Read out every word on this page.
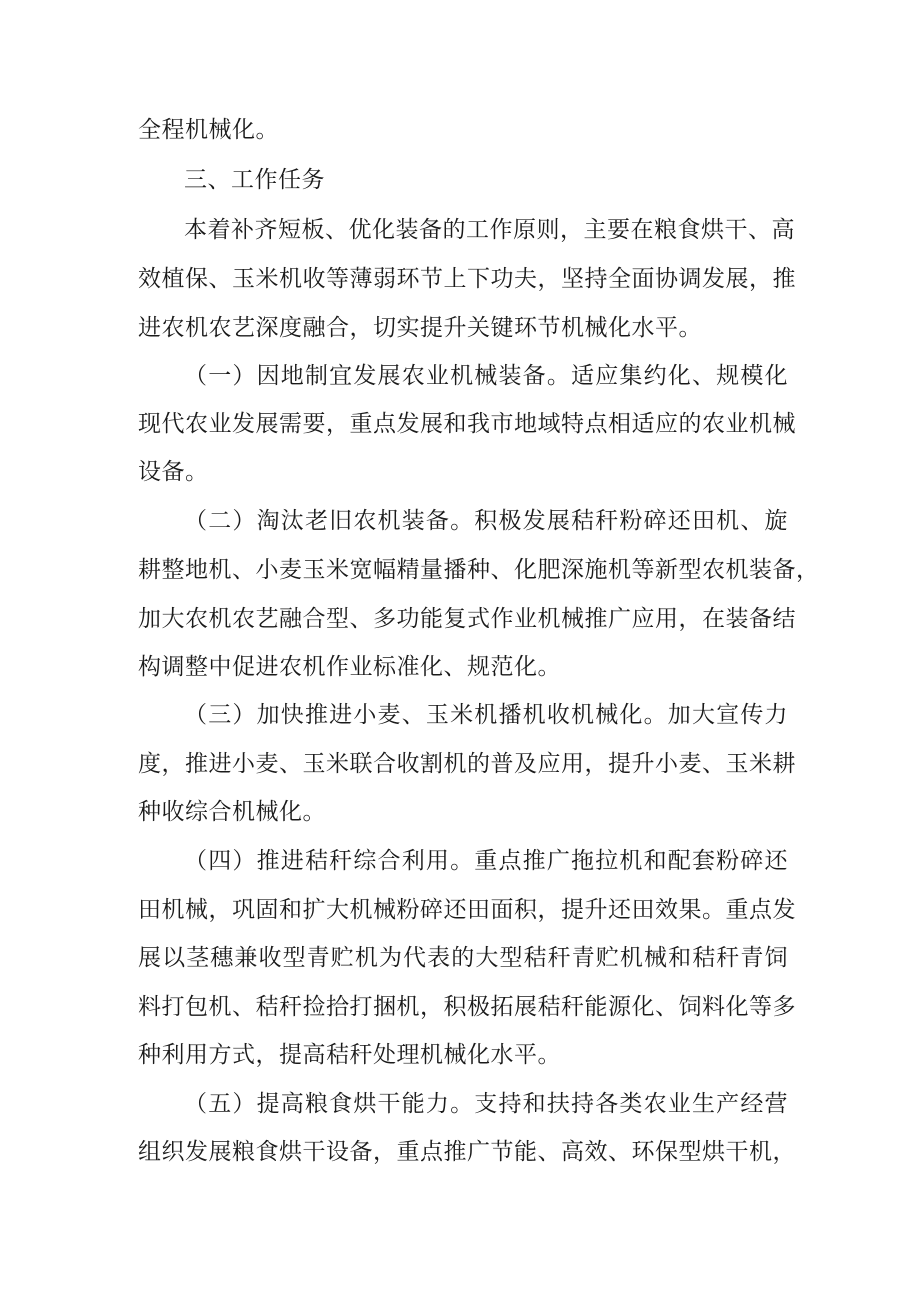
全程机械化。
三、工作任务
本着补齐短板、优化装备的工作原则，主要在粮食烘干、高
效植保、玉米机收等薄弱环节上下功夫，坚持全面协调发展，推
进农机农艺深度融合，切实提升关键环节机械化水平。
（一）因地制宜发展农业机械装备。适应集约化、规模化
现代农业发展需要，重点发展和我市地域特点相适应的农业机械
设备。
（二）淘汰老旧农机装备。积极发展秸秆粉碎还田机、旋
耕整地机、小麦玉米宽幅精量播种、化肥深施机等新型农机装备，
加大农机农艺融合型、多功能复式作业机械推广应用，在装备结
构调整中促进农机作业标准化、规范化。
（三）加快推进小麦、玉米机播机收机械化。加大宣传力
度，推进小麦、玉米联合收割机的普及应用，提升小麦、玉米耕
种收综合机械化。
（四）推进秸秆综合利用。重点推广拖拉机和配套粉碎还
田机械，巩固和扩大机械粉碎还田面积，提升还田效果。重点发
展以茎穗兼收型青贮机为代表的大型秸秆青贮机械和秸秆青饲
料打包机、秸秆捡拾打捆机，积极拓展秸秆能源化、饲料化等多
种利用方式，提高秸秆处理机械化水平。
（五）提高粮食烘干能力。支持和扶持各类农业生产经营
组织发展粮食烘干设备，重点推广节能、高效、环保型烘干机，
